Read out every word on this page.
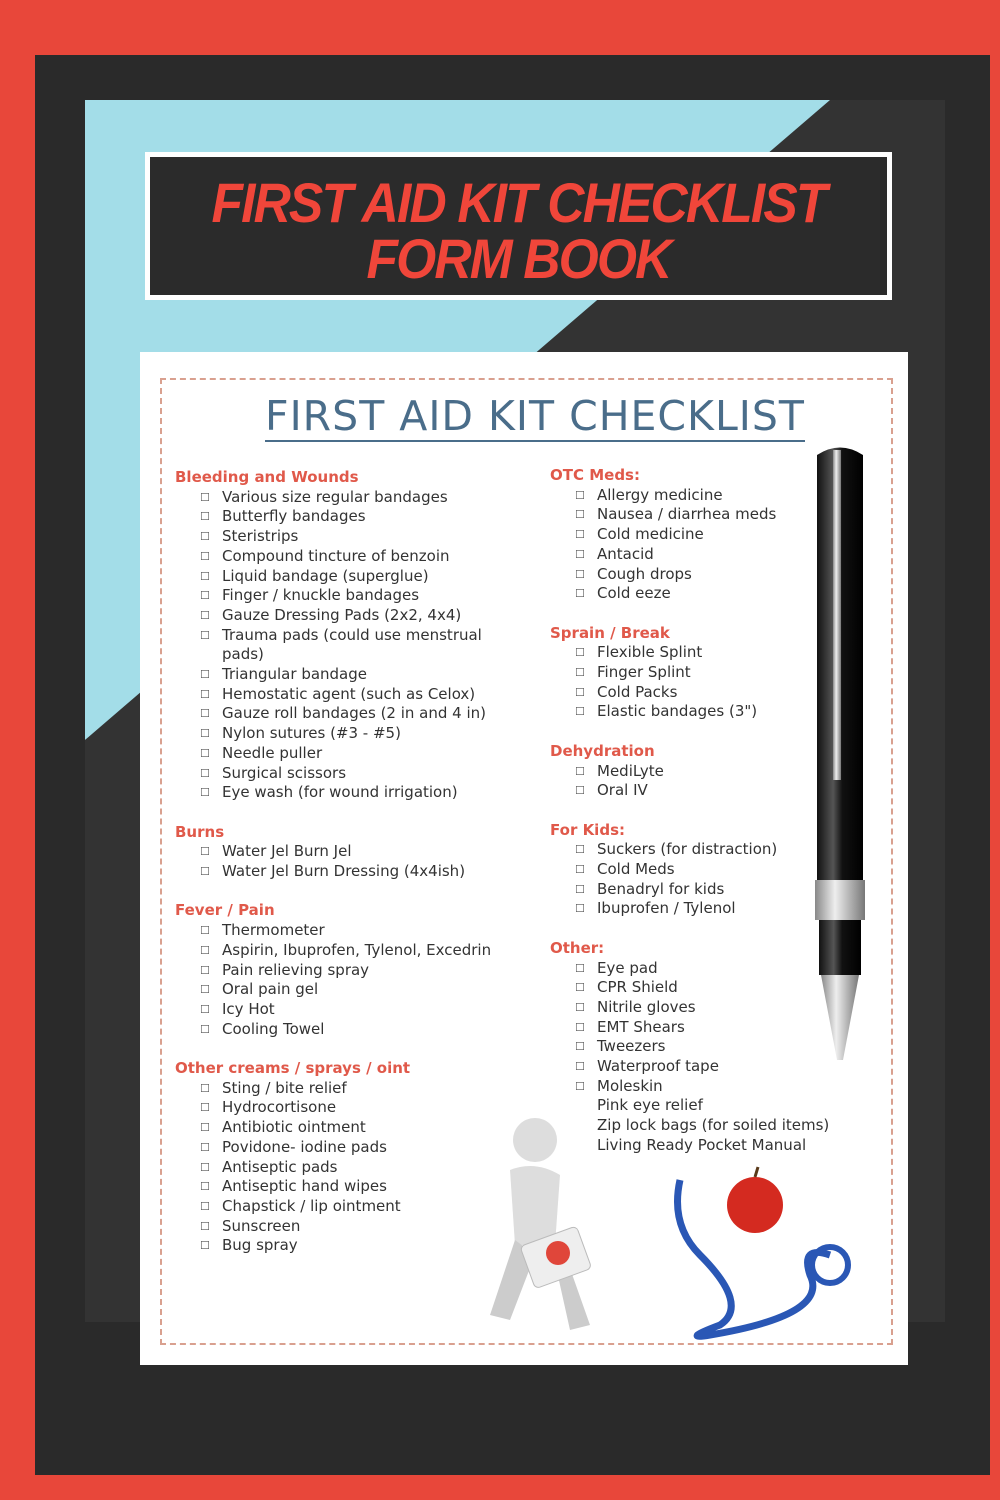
FIRST AID KIT CHECKLIST
FORM BOOK
FIRST AID KIT CHECKLIST
Bleeding and Wounds
☐ Various size regular bandages
☐ Butterfly bandages
☐ Steristrips
☐ Compound tincture of benzoin
☐ Liquid bandage (superglue)
☐ Finger / knuckle bandages
☐ Gauze Dressing Pads (2x2, 4x4)
☐ Trauma pads (could use menstrual pads)
☐ Triangular bandage
☐ Hemostatic agent (such as Celox)
☐ Gauze roll bandages (2 in and 4 in)
☐ Nylon sutures (#3 - #5)
☐ Needle puller
☐ Surgical scissors
☐ Eye wash (for wound irrigation)
Burns
☐ Water Jel Burn Jel
☐ Water Jel Burn Dressing (4x4ish)
Fever / Pain
☐ Thermometer
☐ Aspirin, Ibuprofen, Tylenol, Excedrin
☐ Pain relieving spray
☐ Oral pain gel
☐ Icy Hot
☐ Cooling Towel
Other creams / sprays / oint
☐ Sting / bite relief
☐ Hydrocortisone
☐ Antibiotic ointment
☐ Povidone- iodine pads
☐ Antiseptic pads
☐ Antiseptic hand wipes
☐ Chapstick / lip ointment
☐ Sunscreen
☐ Bug spray
OTC Meds:
☐ Allergy medicine
☐ Nausea / diarrhea meds
☐ Cold medicine
☐ Antacid
☐ Cough drops
☐ Cold eeze
Sprain / Break
☐ Flexible Splint
☐ Finger Splint
☐ Cold Packs
☐ Elastic bandages (3")
Dehydration
☐ MediLyte
☐ Oral IV
For Kids:
☐ Suckers (for distraction)
☐ Cold Meds
☐ Benadryl for kids
☐ Ibuprofen / Tylenol
Other:
☐ Eye pad
☐ CPR Shield
☐ Nitrile gloves
☐ EMT Shears
☐ Tweezers
☐ Waterproof tape
☐ Moleskin
Pink eye relief
Zip lock bags (for soiled items)
Living Ready Pocket Manual
